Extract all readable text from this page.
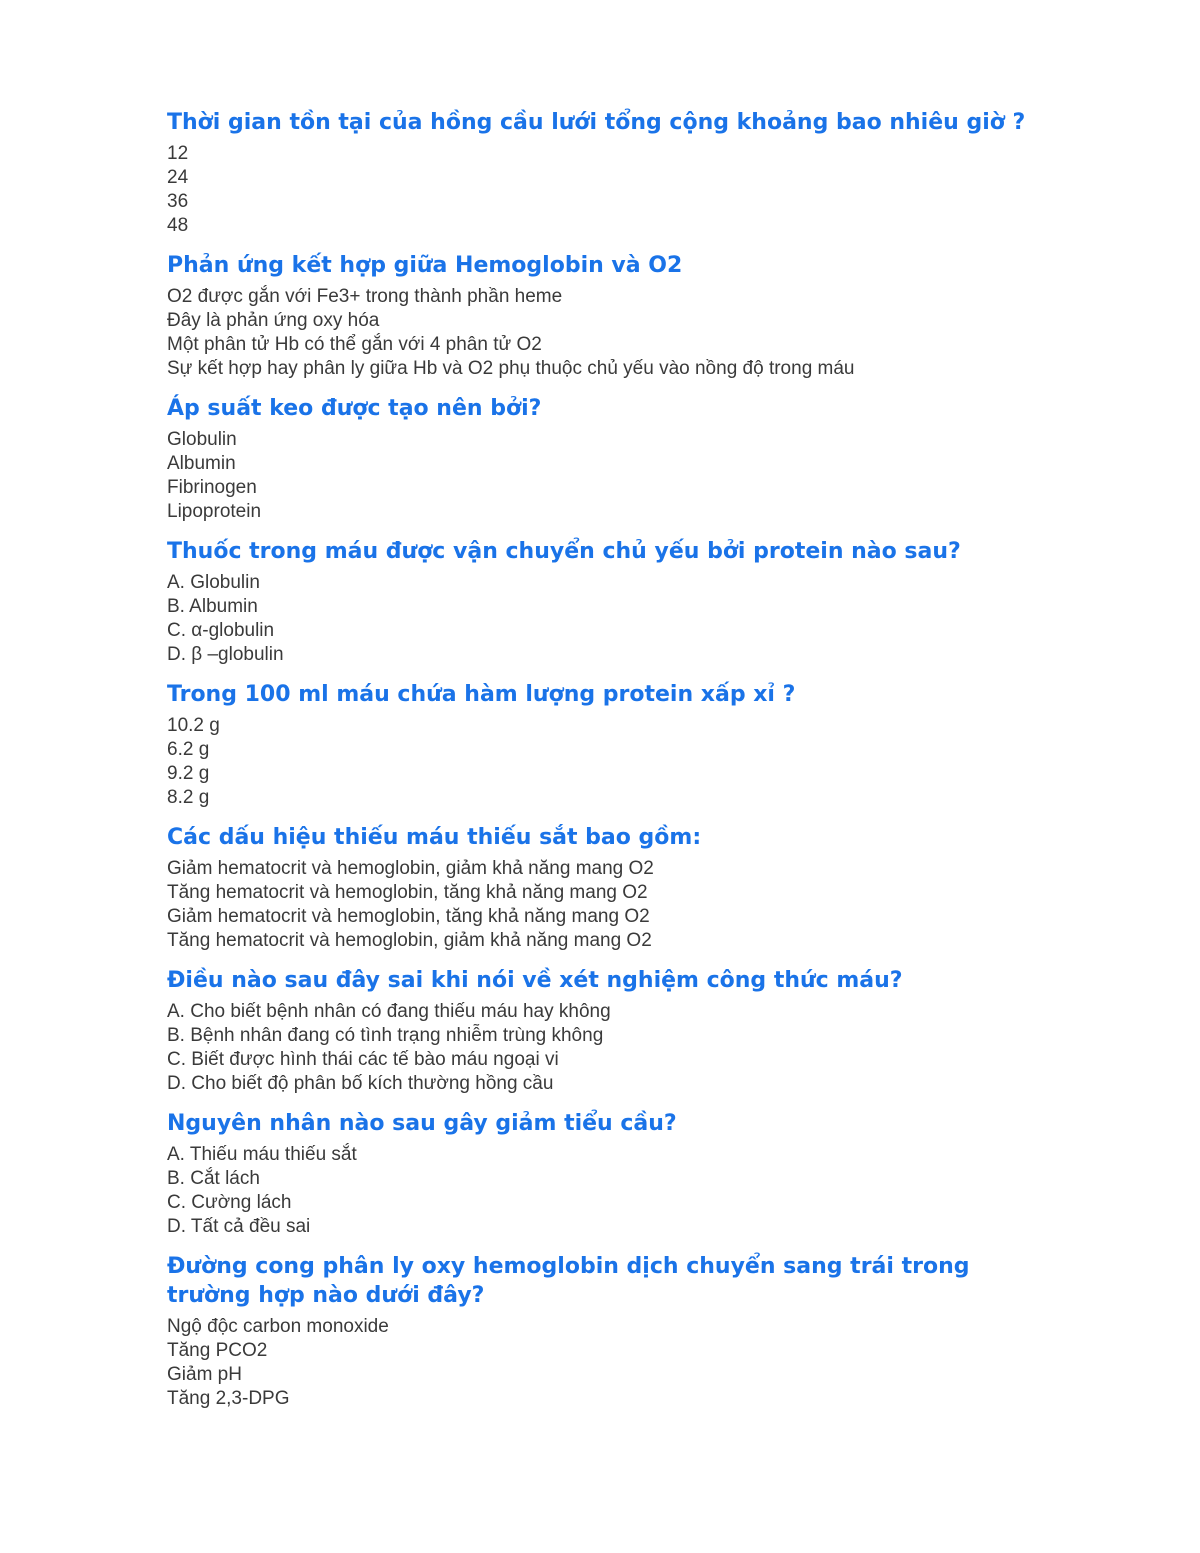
Thời gian tồn tại của hồng cầu lưới tổng cộng khoảng bao nhiêu giờ ?
12
24
36
48
Phản ứng kết hợp giữa Hemoglobin và O2
O2 được gắn với Fe3+ trong thành phần heme
Đây là phản ứng oxy hóa
Một phân tử Hb có thể gắn với 4 phân tử O2
Sự kết hợp hay phân ly giữa Hb và O2 phụ thuộc chủ yếu vào nồng độ trong máu
Áp suất keo được tạo nên bởi?
Globulin
Albumin
Fibrinogen
Lipoprotein
Thuốc trong máu được vận chuyển chủ yếu bởi protein nào sau?
A. Globulin
B. Albumin
C. α-globulin
D. β –globulin
Trong 100 ml máu chứa hàm lượng protein xấp xỉ ?
10.2 g
6.2 g
9.2 g
8.2 g
Các dấu hiệu thiếu máu thiếu sắt bao gồm:
Giảm hematocrit và hemoglobin, giảm khả năng mang O2
Tăng hematocrit và hemoglobin, tăng khả năng mang O2
Giảm hematocrit và hemoglobin, tăng khả năng mang O2
Tăng hematocrit và hemoglobin, giảm khả năng mang O2
Điều nào sau đây sai khi nói về xét nghiệm công thức máu?
A. Cho biết bệnh nhân có đang thiếu máu hay không
B. Bệnh nhân đang có tình trạng nhiễm trùng không
C. Biết được hình thái các tế bào máu ngoại vi
D. Cho biết độ phân bố kích thường hồng cầu
Nguyên nhân nào sau gây giảm tiểu cầu?
A. Thiếu máu thiếu sắt
B. Cắt lách
C. Cường lách
D. Tất cả đều sai
Đường cong phân ly oxy hemoglobin dịch chuyển sang trái trong trường hợp nào dưới đây?
Ngộ độc carbon monoxide
Tăng PCO2
Giảm pH
Tăng 2,3-DPG
